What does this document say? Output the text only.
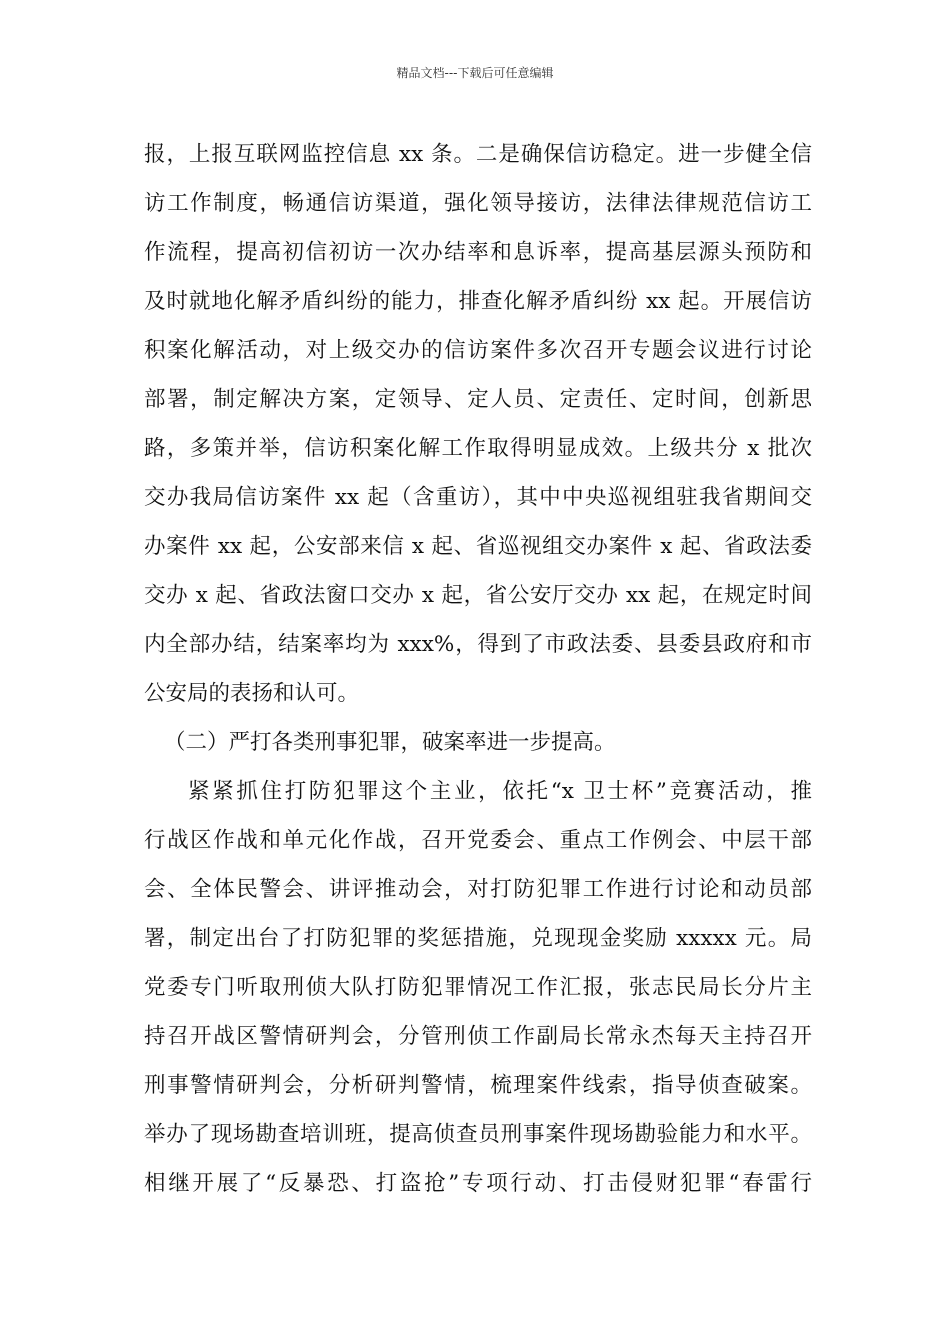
精品文档---下载后可任意编辑
报，上报互联网监控信息 xx 条。二是确保信访稳定。进一步健全信
访工作制度，畅通信访渠道，强化领导接访，法律法律规范信访工
作流程，提高初信初访一次办结率和息诉率，提高基层源头预防和
及时就地化解矛盾纠纷的能力，排查化解矛盾纠纷 xx 起。开展信访
积案化解活动，对上级交办的信访案件多次召开专题会议进行讨论
部署，制定解决方案，定领导、定人员、定责任、定时间，创新思
路，多策并举，信访积案化解工作取得明显成效。上级共分 x 批次
交办我局信访案件 xx 起（含重访），其中中央巡视组驻我省期间交
办案件 xx 起，公安部来信 x 起、省巡视组交办案件 x 起、省政法委
交办 x 起、省政法窗口交办 x 起，省公安厅交办 xx 起，在规定时间
内全部办结，结案率均为 xxx%，得到了市政法委、县委县政府和市
公安局的表扬和认可。
（二）严打各类刑事犯罪，破案率进一步提高。
紧紧抓住打防犯罪这个主业，依托“x 卫士杯”竞赛活动，推
行战区作战和单元化作战，召开党委会、重点工作例会、中层干部
会、全体民警会、讲评推动会，对打防犯罪工作进行讨论和动员部
署，制定出台了打防犯罪的奖惩措施，兑现现金奖励 xxxxx 元。局
党委专门听取刑侦大队打防犯罪情况工作汇报，张志民局长分片主
持召开战区警情研判会，分管刑侦工作副局长常永杰每天主持召开
刑事警情研判会，分析研判警情，梳理案件线索，指导侦查破案。
举办了现场勘查培训班，提高侦查员刑事案件现场勘验能力和水平。
相继开展了“反暴恐、打盗抢”专项行动、打击侵财犯罪“春雷行
